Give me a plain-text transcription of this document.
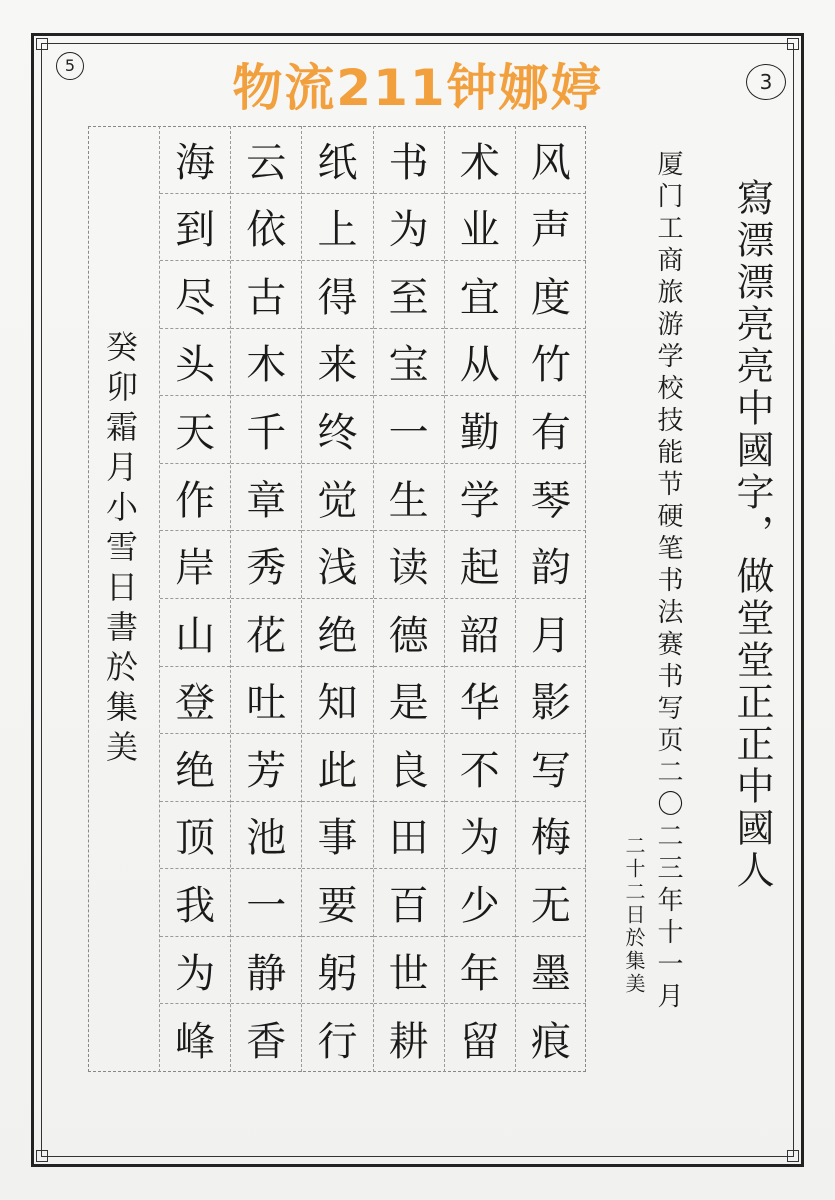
5
3
物流211钟娜婷
风
声
度
竹
有
琴
韵
月
影
写
梅
无
墨
痕
术
业
宜
从
勤
学
起
韶
华
不
为
少
年
留
书
为
至
宝
一
生
读
德
是
良
田
百
世
耕
纸
上
得
来
终
觉
浅
绝
知
此
事
要
躬
行
云
依
古
木
千
章
秀
花
吐
芳
池
一
静
香
海
到
尽
头
天
作
岸
山
登
绝
顶
我
为
峰
癸卯霜月小雪日書於集美	寫漂漂亮亮中國字，做堂堂正正中國人
厦门工商旅游学校技能节硬笔书法赛书写页二〇二三年十一月
二十二日於集美
